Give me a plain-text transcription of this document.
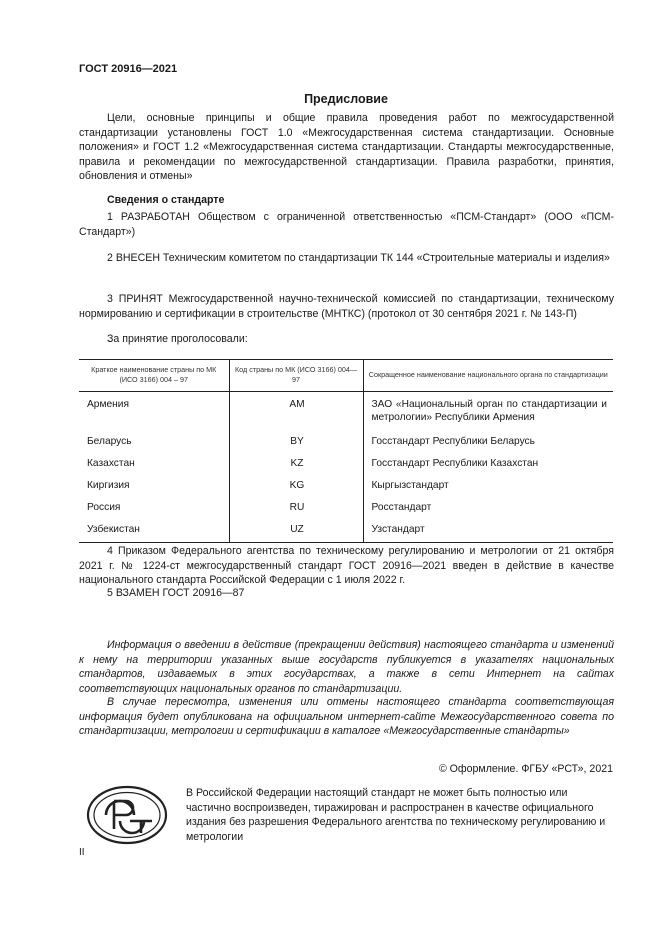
ГОСТ 20916—2021
Предисловие
Цели, основные принципы и общие правила проведения работ по межгосударственной стандартизации установлены ГОСТ 1.0 «Межгосударственная система стандартизации. Основные положения» и ГОСТ 1.2 «Межгосударственная система стандартизации. Стандарты межгосударственные, правила и рекомендации по межгосударственной стандартизации. Правила разработки, принятия, обновления и отмены»
Сведения о стандарте
1 РАЗРАБОТАН Обществом с ограниченной ответственностью «ПСМ-Стандарт» (ООО «ПСМ-Стандарт»)
2 ВНЕСЕН Техническим комитетом по стандартизации ТК 144 «Строительные материалы и изделия»
3 ПРИНЯТ Межгосударственной научно-технической комиссией по стандартизации, техническому нормированию и сертификации в строительстве (МНТКС) (протокол от 30 сентября 2021 г. № 143-П)
За принятие проголосовали:
Краткое наименование страны по МК (ИСО 3166) 004 – 97	Код страны по МК (ИСО 3166) 004—97	Сокращенное наименование национального органа по стандартизации
Армения	AM	ЗАО «Национальный орган по стандартизации и метрологии» Республики Армения
Беларусь	BY	Госстандарт Республики Беларусь
Казахстан	KZ	Госстандарт Республики Казахстан
Киргизия	KG	Кыргызстандарт
Россия	RU	Росстандарт
Узбекистан	UZ	Узстандарт
4 Приказом Федерального агентства по техническому регулированию и метрологии от 21 октября 2021 г. № 1224-ст межгосударственный стандарт ГОСТ 20916—2021 введен в действие в качестве национального стандарта Российской Федерации с 1 июля 2022 г.
5 ВЗАМЕН ГОСТ 20916—87
Информация о введении в действие (прекращении действия) настоящего стандарта и изменений к нему на территории указанных выше государств публикуется в указателях национальных стандартов, издаваемых в этих государствах, а также в сети Интернет на сайтах соответствующих национальных органов по стандартизации.
В случае пересмотра, изменения или отмены настоящего стандарта соответствующая информация будет опубликована на официальном интернет-сайте Межгосударственного совета по стандартизации, метрологии и сертификации в каталоге «Межгосударственные стандарты»
© Оформление. ФГБУ «РСТ», 2021
В Российской Федерации настоящий стандарт не может быть полностью или частично воспроизведен, тиражирован и распространен в качестве официального издания без разрешения Федерального агентства по техническому регулированию и метрологии
II
